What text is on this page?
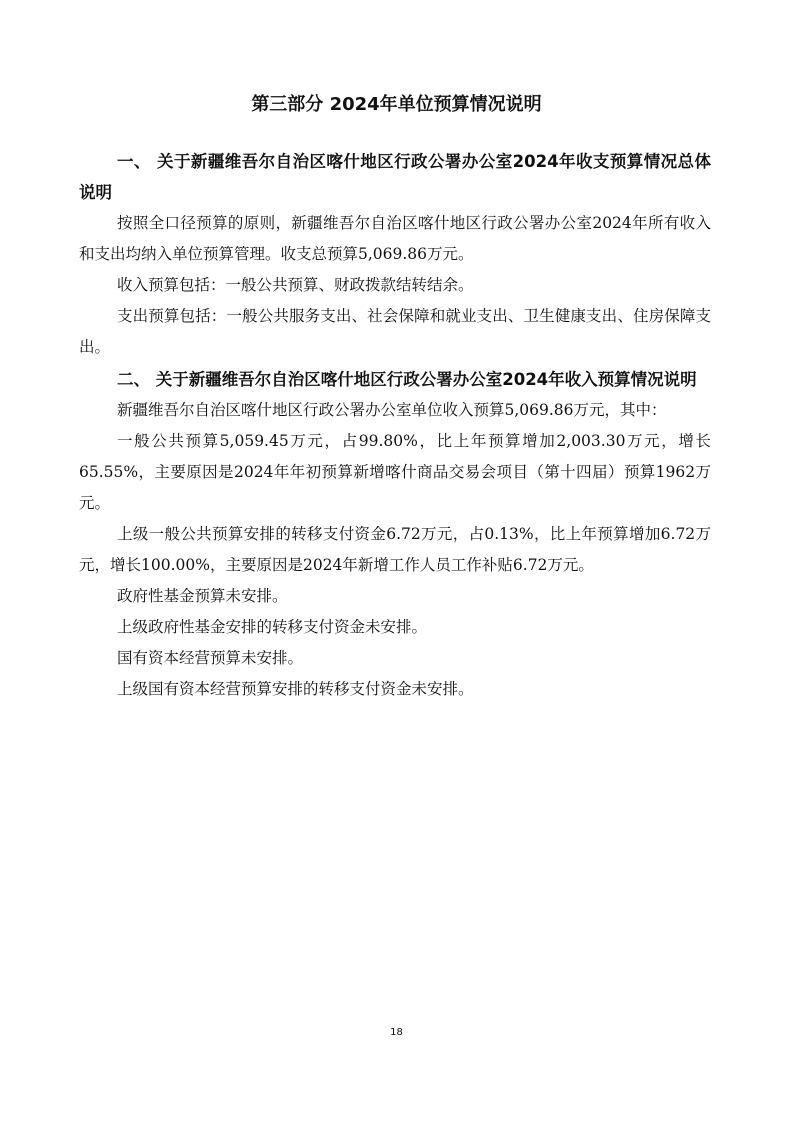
第三部分 2024年单位预算情况说明

一、 关于新疆维吾尔自治区喀什地区行政公署办公室2024年收支预算情况总体说明

按照全口径预算的原则，新疆维吾尔自治区喀什地区行政公署办公室2024年所有收入和支出均纳入单位预算管理。收支总预算5,069.86万元。

收入预算包括：一般公共预算、财政拨款结转结余。

支出预算包括：一般公共服务支出、社会保障和就业支出、卫生健康支出、住房保障支出。

二、 关于新疆维吾尔自治区喀什地区行政公署办公室2024年收入预算情况说明

新疆维吾尔自治区喀什地区行政公署办公室单位收入预算5,069.86万元，其中：

一般公共预算5,059.45万元，占99.80%，比上年预算增加2,003.30万元，增长65.55%，主要原因是2024年年初预算新增喀什商品交易会项目（第十四届）预算1962万元。

上级一般公共预算安排的转移支付资金6.72万元，占0.13%，比上年预算增加6.72万元，增长100.00%，主要原因是2024年新增工作人员工作补贴6.72万元。

政府性基金预算未安排。

上级政府性基金安排的转移支付资金未安排。

国有资本经营预算未安排。

上级国有资本经营预算安排的转移支付资金未安排。

18
